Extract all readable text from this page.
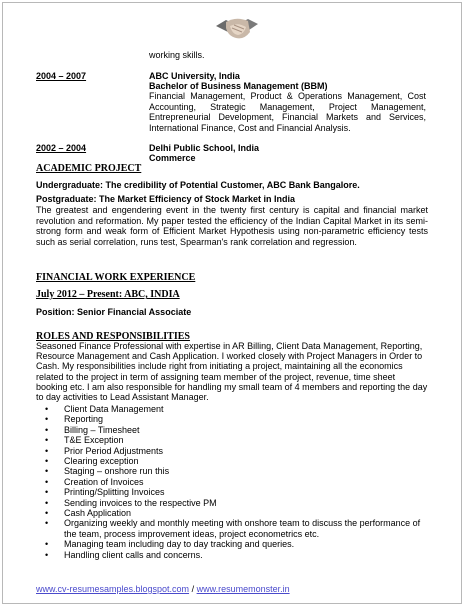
working skills.
2004 – 2007	ABC University, India
Bachelor of Business Management (BBM)
Financial Management, Product & Operations Management, Cost Accounting, Strategic Management, Project Management, Entrepreneurial Development, Financial Markets and Services, International Finance, Cost and Financial Analysis.
2002 – 2004	Delhi Public School, India
Commerce
ACADEMIC PROJECT
Undergraduate: The credibility of Potential Customer, ABC Bank Bangalore.
Postgraduate: The Market Efficiency of Stock Market in India
The greatest and engendering event in the twenty first century is capital and financial market revolution and reformation. My paper tested the efficiency of the Indian Capital Market in its semi-strong form and weak form of Efficient Market Hypothesis using non-parametric efficiency tests such as serial correlation, runs test, Spearman's rank correlation and regression.
FINANCIAL WORK EXPERIENCE
July 2012 – Present: ABC, INDIA
Position: Senior Financial Associate
ROLES AND RESPONSIBILITIES
Seasoned Finance Professional with expertise in AR Billing, Client Data Management, Reporting, Resource Management and Cash Application. I worked closely with Project Managers in Order to Cash. My responsibilities include right from initiating a project, maintaining all the economics related to the project in term of assigning team member of the project, revenue, time sheet booking etc. I am also responsible for handling my small team of 4 members and reporting the day to day activities to Lead Assistant Manager.
• Client Data Management
• Reporting
• Billing – Timesheet
• T&E Exception
• Prior Period Adjustments
• Clearing exception
• Staging – onshore run this
• Creation of Invoices
• Printing/Splitting Invoices
• Sending invoices to the respective PM
• Cash Application
• Organizing weekly and monthly meeting with onshore team to discuss the performance of the team, process improvement ideas, project econometrics etc.
• Managing team including day to day tracking and queries.
• Handling client calls and concerns.
www.cv-resumesamples.blogspot.com / www.resumemonster.in
